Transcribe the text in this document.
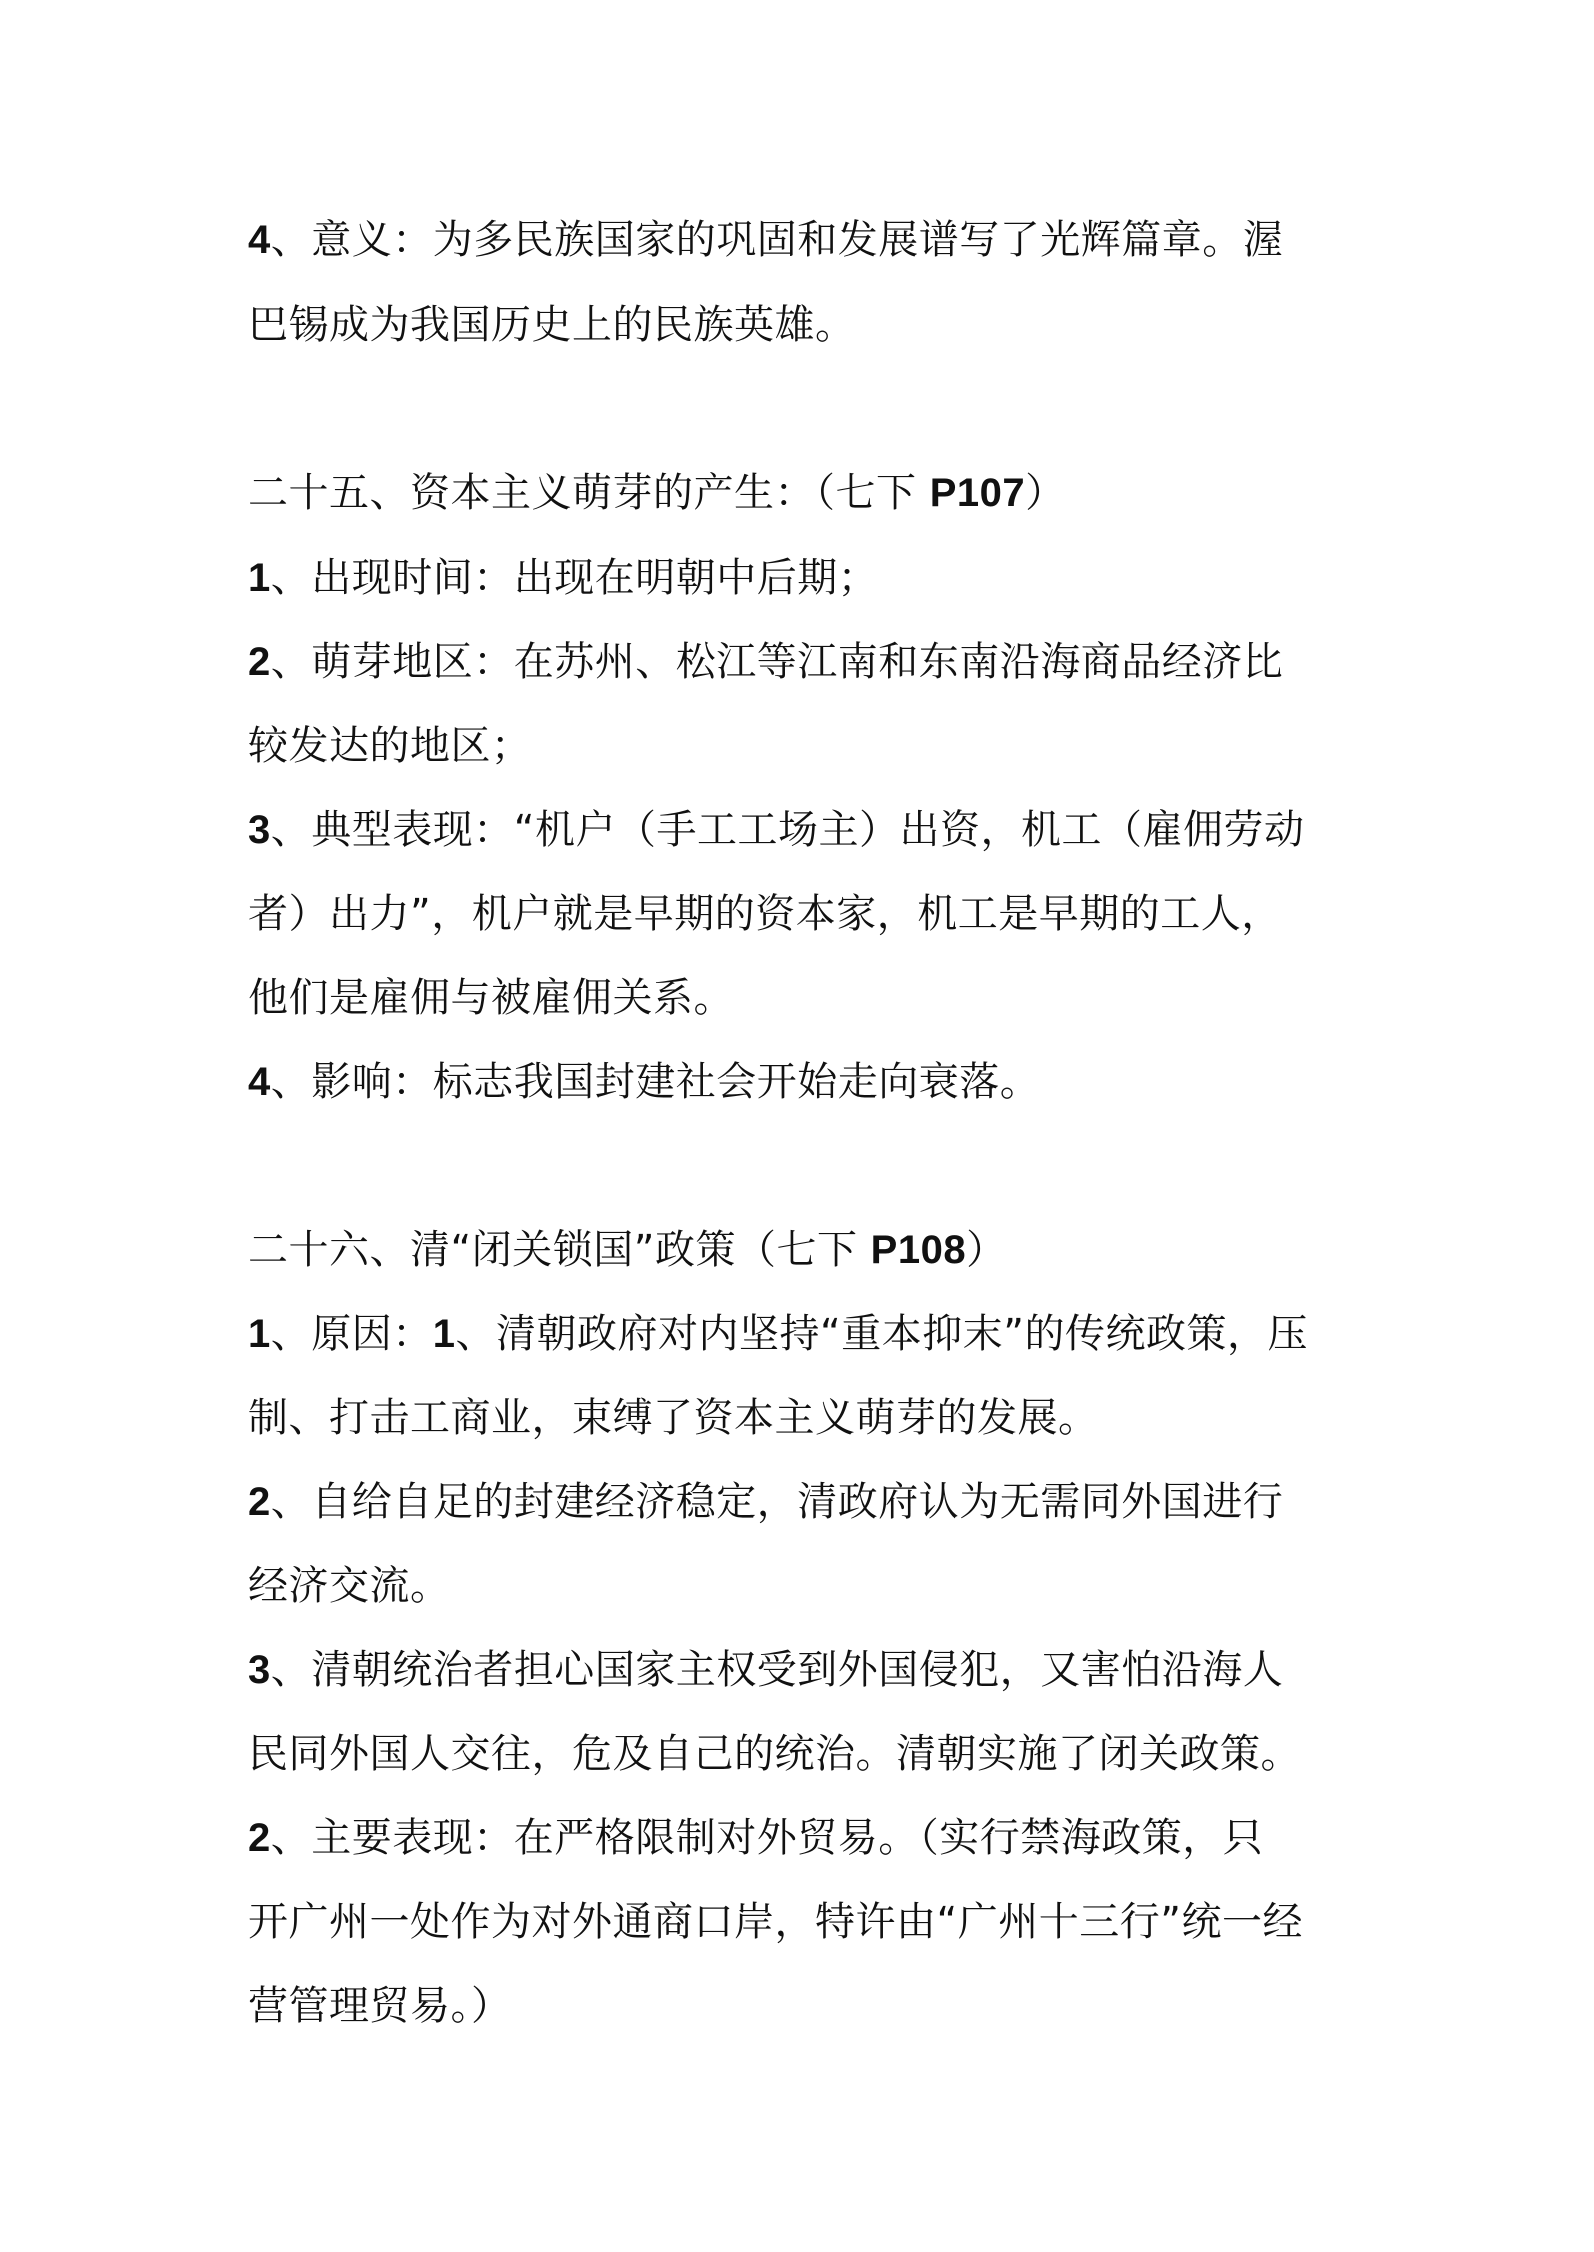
4、意义：为多民族国家的巩固和发展谱写了光辉篇章。渥
巴锡成为我国历史上的民族英雄。
二十五、资本主义萌芽的产生：（七下 P107）
1、出现时间：出现在明朝中后期；
2、萌芽地区：在苏州、松江等江南和东南沿海商品经济比
较发达的地区；
3、典型表现：“机户（手工工场主）出资，机工（雇佣劳动
者）出力”，机户就是早期的资本家，机工是早期的工人，
他们是雇佣与被雇佣关系。
4、影响：标志我国封建社会开始走向衰落。
二十六、清“闭关锁国”政策（七下 P108）
1、原因：1、清朝政府对内坚持“重本抑末”的传统政策，压
制、打击工商业，束缚了资本主义萌芽的发展。
2、自给自足的封建经济稳定，清政府认为无需同外国进行
经济交流。
3、清朝统治者担心国家主权受到外国侵犯，又害怕沿海人
民同外国人交往，危及自己的统治。清朝实施了闭关政策。
2、主要表现：在严格限制对外贸易。（实行禁海政策，只
开广州一处作为对外通商口岸，特许由“广州十三行”统一经
营管理贸易。）
